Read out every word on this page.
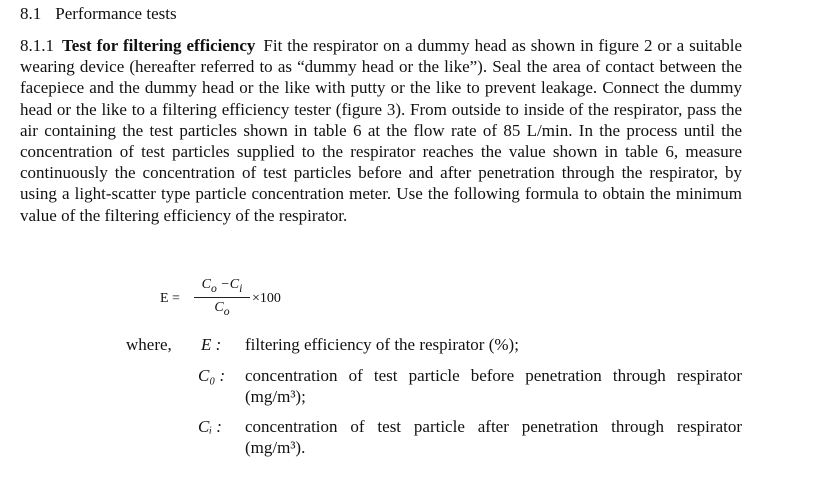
8.1 Performance tests
8.1.1 Test for filtering efficiency Fit the respirator on a dummy head as shown in figure 2 or a suitable wearing device (hereafter referred to as “dummy head or the like”). Seal the area of contact between the facepiece and the dummy head or the like with putty or the like to prevent leakage. Connect the dummy head or the like to a filtering efficiency tester (figure 3). From outside to inside of the respirator, pass the air containing the test particles shown in table 6 at the flow rate of 85 L/min. In the process until the concentration of test particles supplied to the respirator reaches the value shown in table 6, measure continuously the concentration of test particles before and after penetration through the respirator, by using a light-scatter type particle concentration meter. Use the following formula to obtain the minimum value of the filtering efficiency of the respirator.
E =
$C_o -C_i$
$C_o$
×100
where, E : filtering efficiency of the respirator (%);
C₀ : concentration of test particle before penetration through respirator (mg/m³);
Cᵢ : concentration of test particle after penetration through respirator (mg/m³).
